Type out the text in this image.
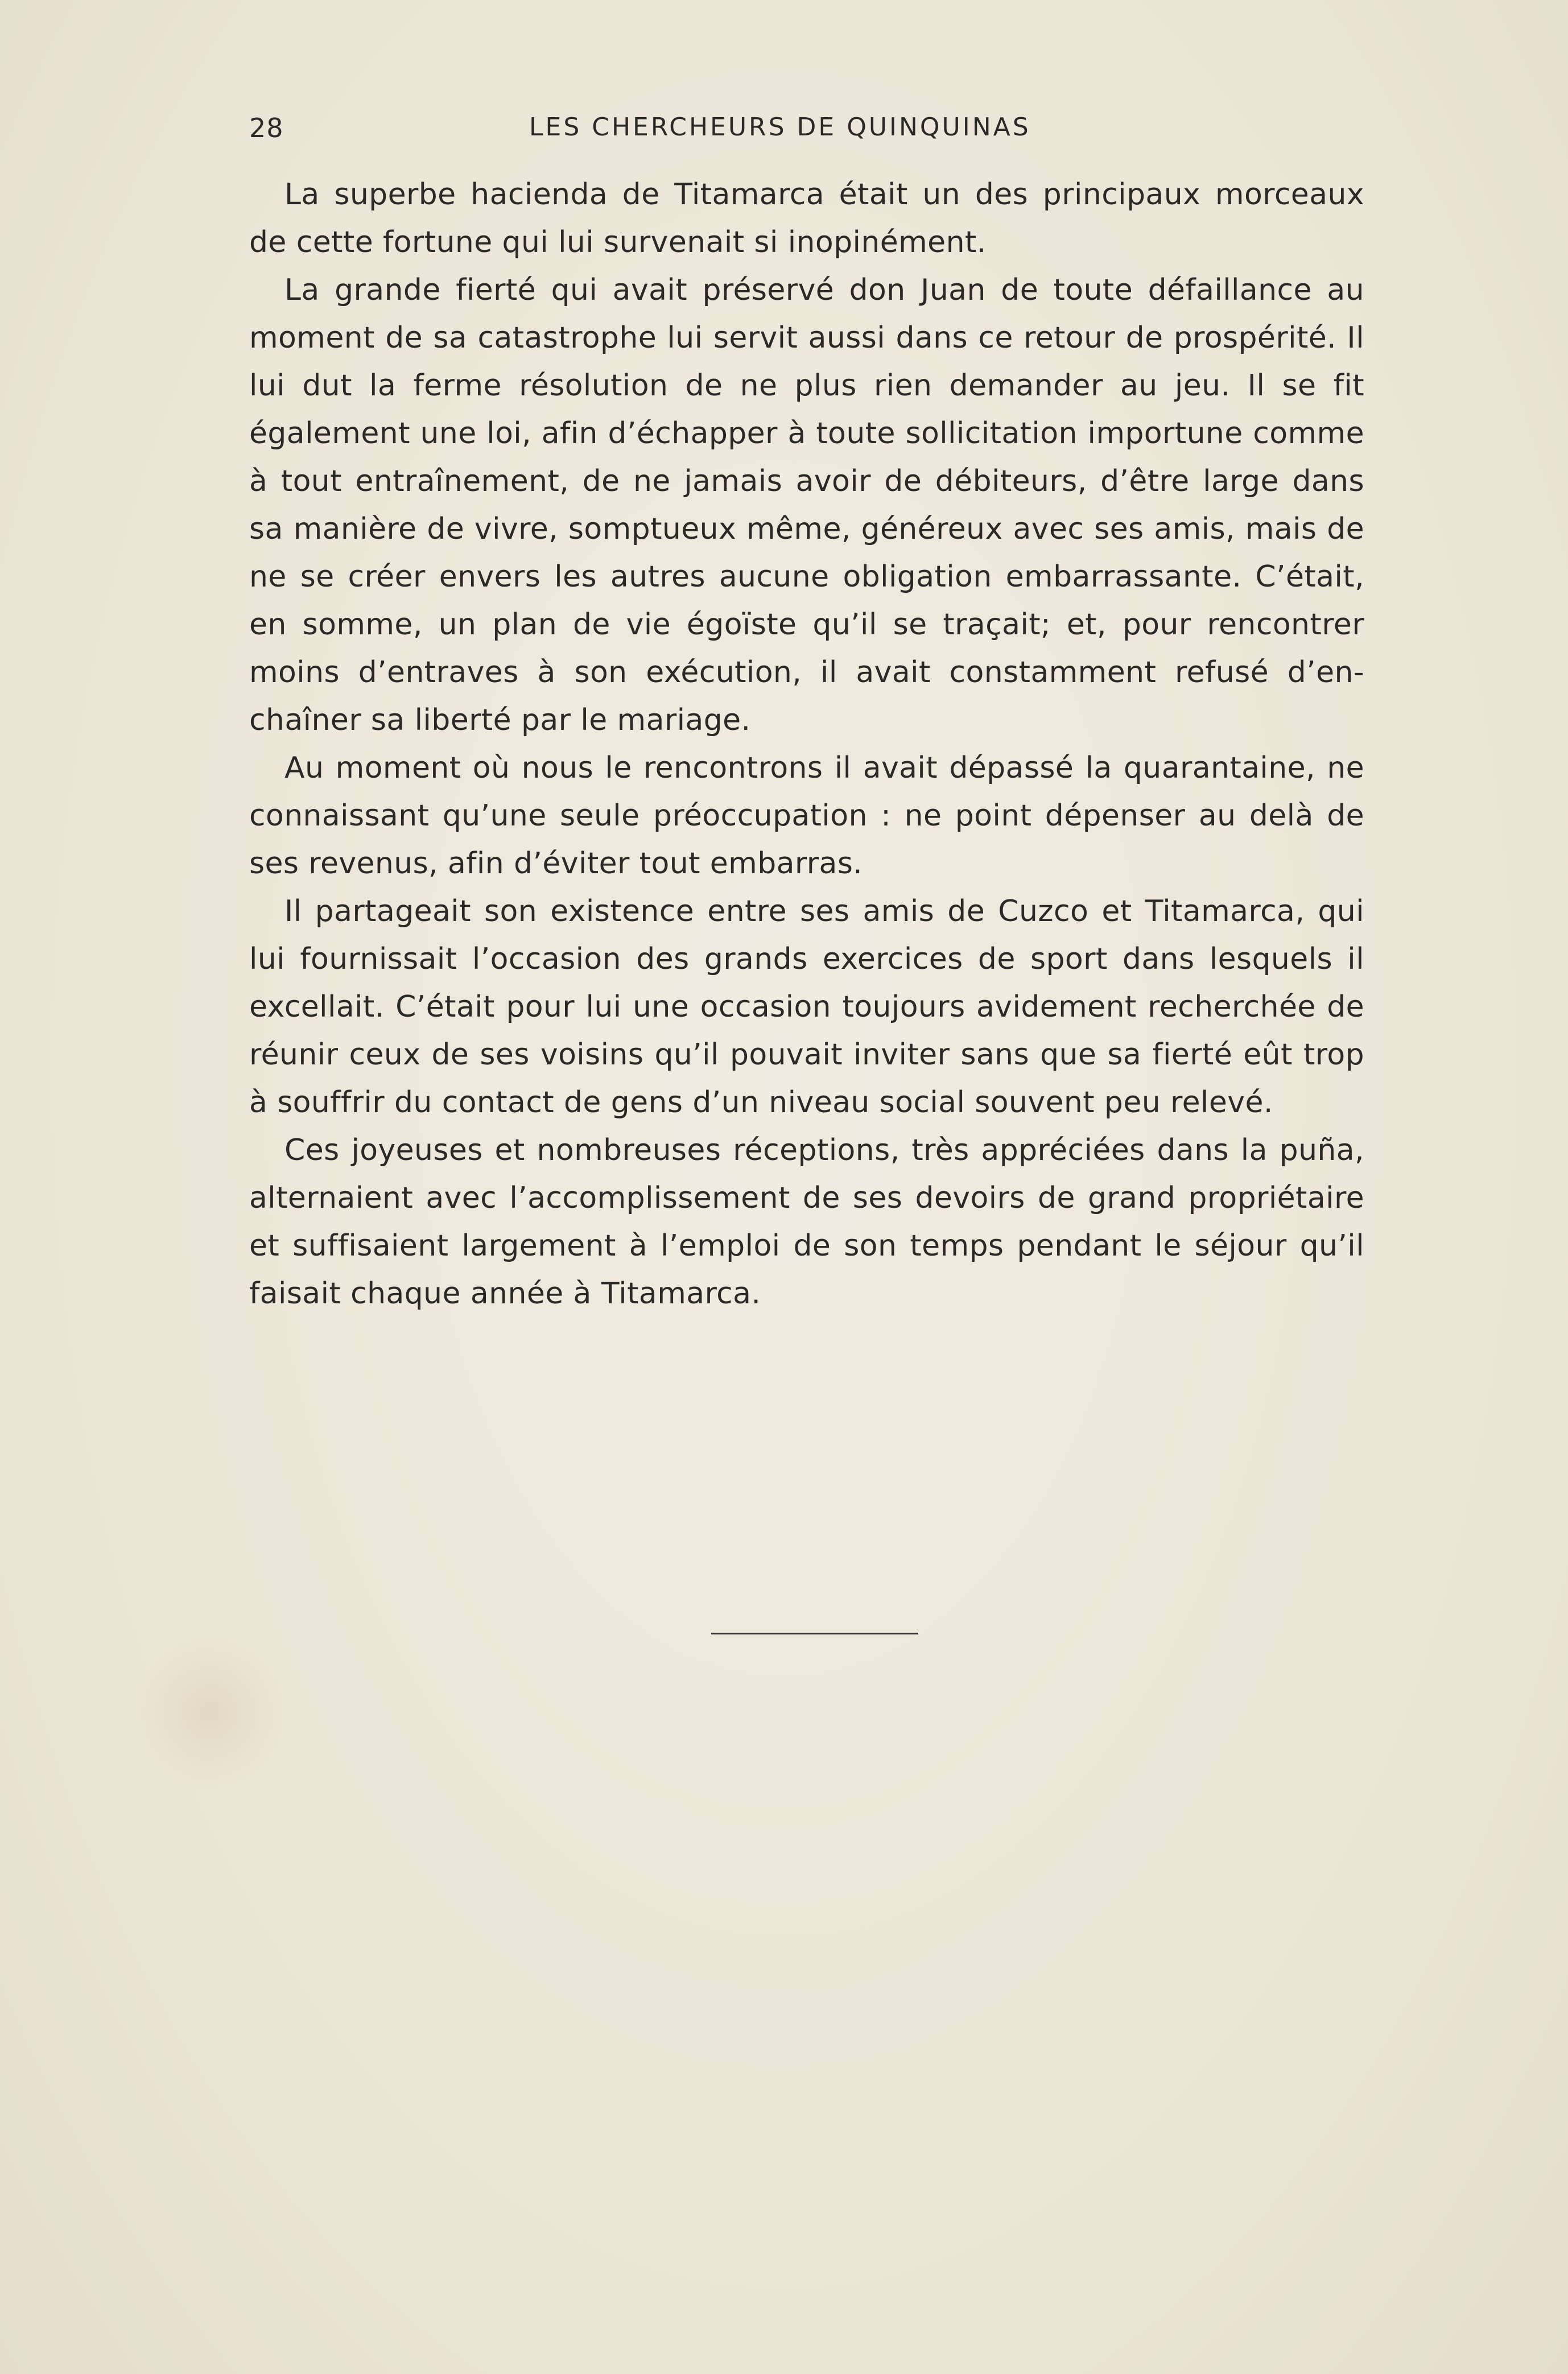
28	LES CHERCHEURS DE QUINQUINAS

La superbe hacienda de Titamarca était un des principaux morceaux de cette fortune qui lui survenait si inopinément.

La grande fierté qui avait préservé don Juan de toute défaillance au moment de sa catastrophe lui servit aussi dans ce retour de prospérité. Il lui dut la ferme résolution de ne plus rien demander au jeu. Il se fit également une loi, afin d’échapper à toute sollicitation importune comme à tout entraînement, de ne jamais avoir de débiteurs, d’être large dans sa manière de vivre, somptueux même, généreux avec ses amis, mais de ne se créer envers les autres aucune obligation embarrassante. C’était, en somme, un plan de vie égoïste qu’il se traçait; et, pour rencontrer moins d’entraves à son exécution, il avait constamment refusé d’en-chaîner sa liberté par le mariage.

Au moment où nous le rencontrons il avait dépassé la quarantaine, ne connaissant qu’une seule préoccupation : ne point dépenser au delà de ses revenus, afin d’éviter tout embarras.

Il partageait son existence entre ses amis de Cuzco et Titamarca, qui lui fournissait l’occasion des grands exercices de sport dans lesquels il excellait. C’était pour lui une occasion toujours avidement recherchée de réunir ceux de ses voisins qu’il pouvait inviter sans que sa fierté eût trop à souffrir du contact de gens d’un niveau social souvent peu relevé.

Ces joyeuses et nombreuses réceptions, très appréciées dans la puña, alternaient avec l’accomplissement de ses devoirs de grand propriétaire et suffisaient largement à l’emploi de son temps pendant le séjour qu’il faisait chaque année à Titamarca.
